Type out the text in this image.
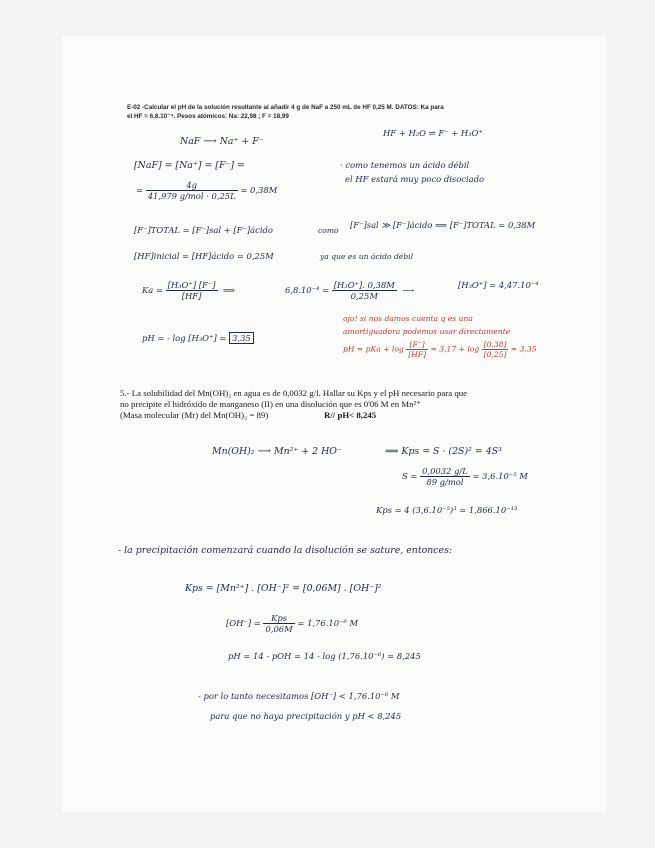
E-02 -Calcular el pH de la solución resultante al añadir 4 g de NaF a 250 mL de HF 0,25 M. DATOS: Ka para
el HF = 6,8.10⁻⁴. Pesos atómicos: Na: 22,98 ; F = 18,99
NaF ⟶ Na⁺ + F⁻
HF + H₂O ⇌ F⁻ + H₃O⁺
[NaF] = [Na⁺] = [F⁻] =
= $\frac{4g}{\text{41,979 g/mol · 0,25L}} = 0,38M$
· como tenemos un ácido débil
el HF estará muy poco disociado
[F⁻]TOTAL = [F⁻]sal + [F⁻]ácido	como
[F⁻]sal ≫ [F⁻]ácido ⟹ [F⁻]TOTAL = 0,38M
[HF]inicial = [HF]ácido = 0,25M	ya que es un ácido débil
$Ka = \frac{\text{[H₃O⁺] [F⁻]}}{[HF]}$ ⟹	$6,8.10^{-4} = \frac{\text{[H₃O⁺]. 0,38M}}{0,25M}$ ⟶	[H₃O⁺] = 4,47.10⁻⁴
pH = - log [H₃O⁺] = 3,35
ojo! si nos damos cuenta q es una
amortiguadora podemos usar directamente
pH = pKa + $\log \frac{[F^-]}{[HF]} = 3,17 + \log \frac{[0,38]}{[0,25]} = 3,35$
5.- La solubilidad del Mn(OH)₂ en agua es de 0,0032 g/l. Hallar su Kps y el pH necesario para que
no precipite el hidróxido de manganeso (II) en una disolución que es 0'06 M en Mn²⁺
(Masa molecular (Mr) del Mn(OH)₂ = 89)	R// pH< 8,245
Mn(OH)₂ ⟶ Mn²⁺ + 2 HO⁻	⟹ Kps = S · (2S)² = 4S³
$S = \frac{0,0032 g/L}{\text{89 g/mol}} = 3,6.10^{-5}$ M
Kps = 4 (3,6.10⁻⁵)³ = 1,866.10⁻¹³
- la precipitación comenzará cuando la disolución se sature, entonces:
Kps = [Mn²⁺] . [OH⁻]² = [0,06M] . [OH⁻]²
$[OH^-] = \frac{\text{Kps}}{0,06M} = 1,76.10^{-6}$ M
pH = 14 - pOH = 14 - log (1,76.10⁻⁶) = 8,245
- por lo tanto necesitamos [OH⁻] < 1,76.10⁻⁶ M
para que no haya precipitación y pH < 8,245
